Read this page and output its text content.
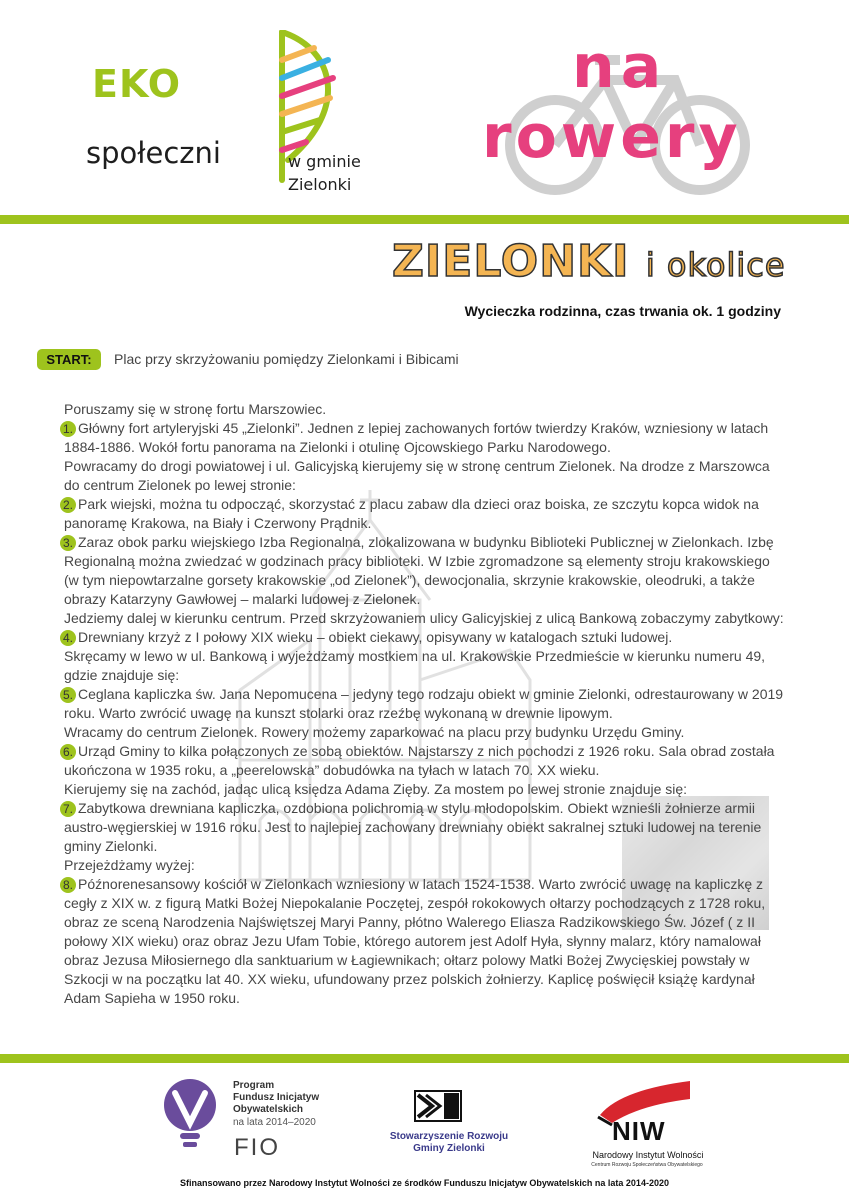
EKO
społeczni	w gminie
Zielonki
na
rowery
ZIELONKI i okolice
Wycieczka rodzinna, czas trwania ok. 1 godziny
START:	Plac przy skrzyżowaniu pomiędzy Zielonkami i Bibicami

Poruszamy się w stronę fortu Marszowiec.

1. Główny fort artyleryjski 45 „Zielonki”. Jednen z lepiej zachowanych fortów twierdzy Kraków, wzniesiony w latach 1884-1886. Wokół fortu panorama na Zielonki i otulinę Ojcowskiego Parku Narodowego.

Powracamy do drogi powiatowej i ul. Galicyjską kierujemy się w stronę centrum Zielonek. Na drodze z Marszowca do centrum Zielonek po lewej stronie:

2. Park wiejski, można tu odpocząć, skorzystać z placu zabaw dla dzieci oraz boiska, ze szczytu kopca widok na panoramę Krakowa, na Biały i Czerwony Prądnik.

3. Zaraz obok parku wiejskiego Izba Regionalna, zlokalizowana w budynku Biblioteki Publicznej w Zielonkach. Izbę Regionalną można zwiedzać w godzinach pracy biblioteki. W Izbie zgromadzone są elementy stroju krakowskiego (w tym niepowtarzalne gorsety krakowskie „od Zielonek”), dewocjonalia, skrzynie krakowskie, oleodruki, a także obrazy Katarzyny Gawłowej – malarki ludowej z Zielonek.

Jedziemy dalej w kierunku centrum. Przed skrzyżowaniem ulicy Galicyjskiej z ulicą Bankową zobaczymy zabytkowy:

4. Drewniany krzyż z I połowy XIX wieku – obiekt ciekawy, opisywany w katalogach sztuki ludowej.

Skręcamy w lewo w ul. Bankową i wyjeżdżamy mostkiem na ul. Krakowskie Przedmieście w kierunku numeru 49, gdzie znajduje się:

5. Ceglana kapliczka św. Jana Nepomucena – jedyny tego rodzaju obiekt w gminie Zielonki, odrestaurowany w 2019 roku. Warto zwrócić uwagę na kunszt stolarki oraz rzeźbę wykonaną w drewnie lipowym.

Wracamy do centrum Zielonek. Rowery możemy zaparkować na placu przy budynku Urzędu Gminy.

6. Urząd Gminy to kilka połączonych ze sobą obiektów. Najstarszy z nich pochodzi z 1926 roku. Sala obrad została ukończona w 1935 roku, a „peerelowska” dobudówka na tyłach w latach 70. XX wieku.

Kierujemy się na zachód, jadąc ulicą księdza Adama Zięby. Za mostem po lewej stronie znajduje się:

7. Zabytkowa drewniana kapliczka, ozdobiona polichromią w stylu młodopolskim. Obiekt wznieśli żołnierze armii austro-węgierskiej w 1916 roku. Jest to najlepiej zachowany drewniany obiekt sakralnej sztuki ludowej na terenie gminy Zielonki.

Przejeżdżamy wyżej:

8. Późnorenesansowy kościół w Zielonkach wzniesiony w latach 1524-1538. Warto zwrócić uwagę na kapliczkę z cegły z XIX w. z figurą Matki Bożej Niepokalanie Poczętej, zespół rokokowych ołtarzy pochodzących z 1728 roku, obraz ze sceną Narodzenia Najświętszej Maryi Panny, płótno Walerego Eliasza Radzikowskiego Św. Józef ( z II połowy XIX wieku) oraz obraz Jezu Ufam Tobie, którego autorem jest Adolf Hyła, słynny malarz, który namalował obraz Jezusa Miłosiernego dla sanktuarium w Łagiewnikach; ołtarz polowy Matki Bożej Zwycięskiej powstały w Szkocji w na początku lat 40. XX wieku, ufundowany przez polskich żołnierzy. Kaplicę poświęcił książę kardynał Adam Sapieha w 1950 roku.

Program
Fundusz Inicjatyw
Obywatelskich
na lata 2014–2020
FIO	Stowarzyszenie Rozwoju
Gminy Zielonki
NIW
Narodowy Instytut Wolności
Centrum Rozwoju Społeczeństwa Obywatelskiego
Sfinansowano przez Narodowy Instytut Wolności ze środków Funduszu Inicjatyw Obywatelskich na lata 2014-2020
